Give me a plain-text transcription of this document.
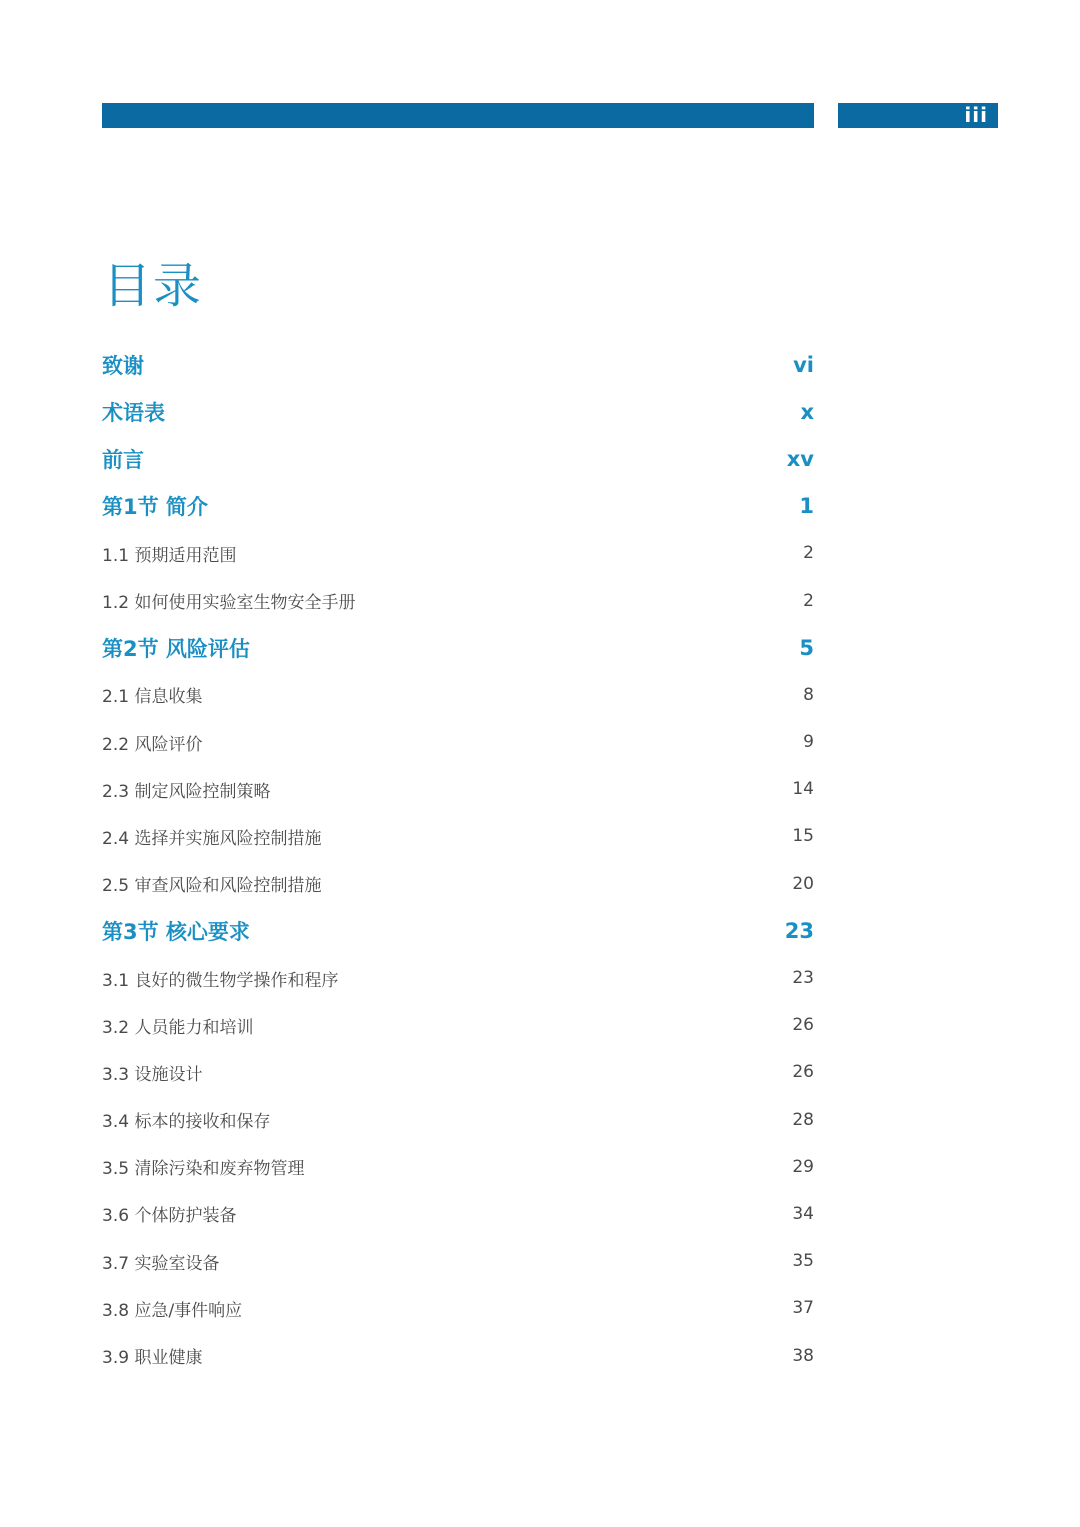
iii
目录
致谢	vi
术语表	x
前言	xv
第1节 简介	1
1.1 预期适用范围	2
1.2 如何使用实验室生物安全手册	2
第2节 风险评估	5
2.1 信息收集	8
2.2 风险评价	9
2.3 制定风险控制策略	14
2.4 选择并实施风险控制措施	15
2.5 审查风险和风险控制措施	20
第3节 核心要求	23
3.1 良好的微生物学操作和程序	23
3.2 人员能力和培训	26
3.3 设施设计	26
3.4 标本的接收和保存	28
3.5 清除污染和废弃物管理	29
3.6 个体防护装备	34
3.7 实验室设备	35
3.8 应急/事件响应	37
3.9 职业健康	38
